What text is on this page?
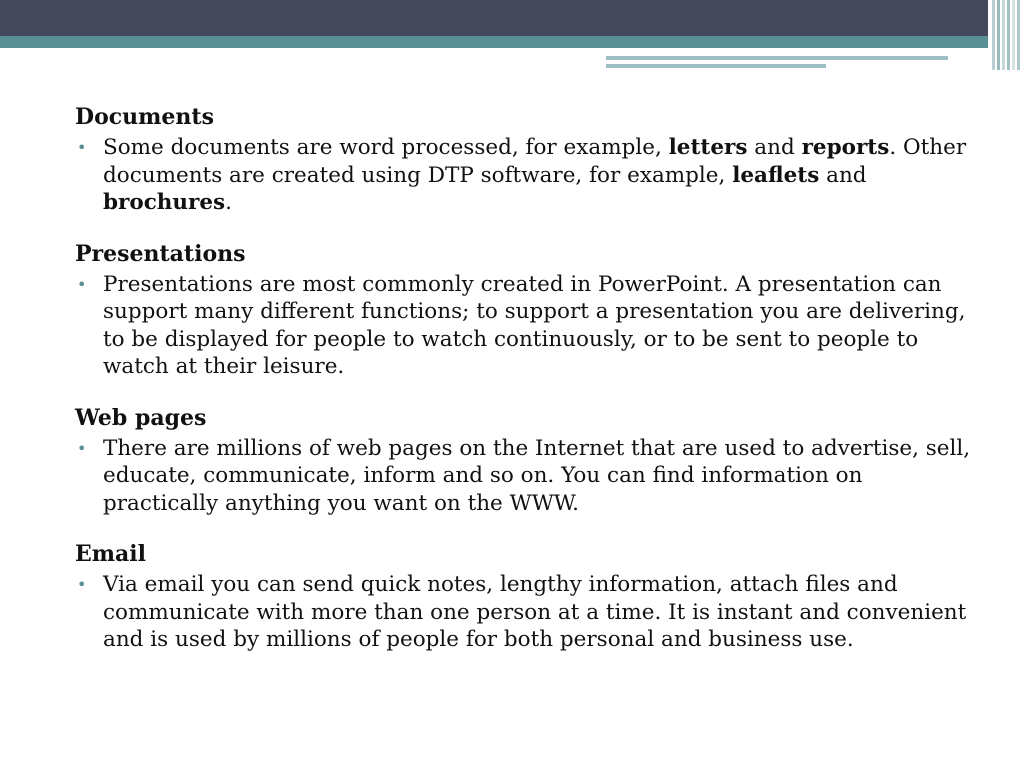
Documents

• Some documents are word processed, for example, letters and reports. Other documents are created using DTP software, for example, leaflets and brochures.

Presentations

• Presentations are most commonly created in PowerPoint. A presentation can support many different functions; to support a presentation you are delivering, to be displayed for people to watch continuously, or to be sent to people to watch at their leisure.

Web pages

• There are millions of web pages on the Internet that are used to advertise, sell, educate, communicate, inform and so on. You can find information on practically anything you want on the WWW.

Email

• Via email you can send quick notes, lengthy information, attach files and communicate with more than one person at a time. It is instant and convenient and is used by millions of people for both personal and business use.
